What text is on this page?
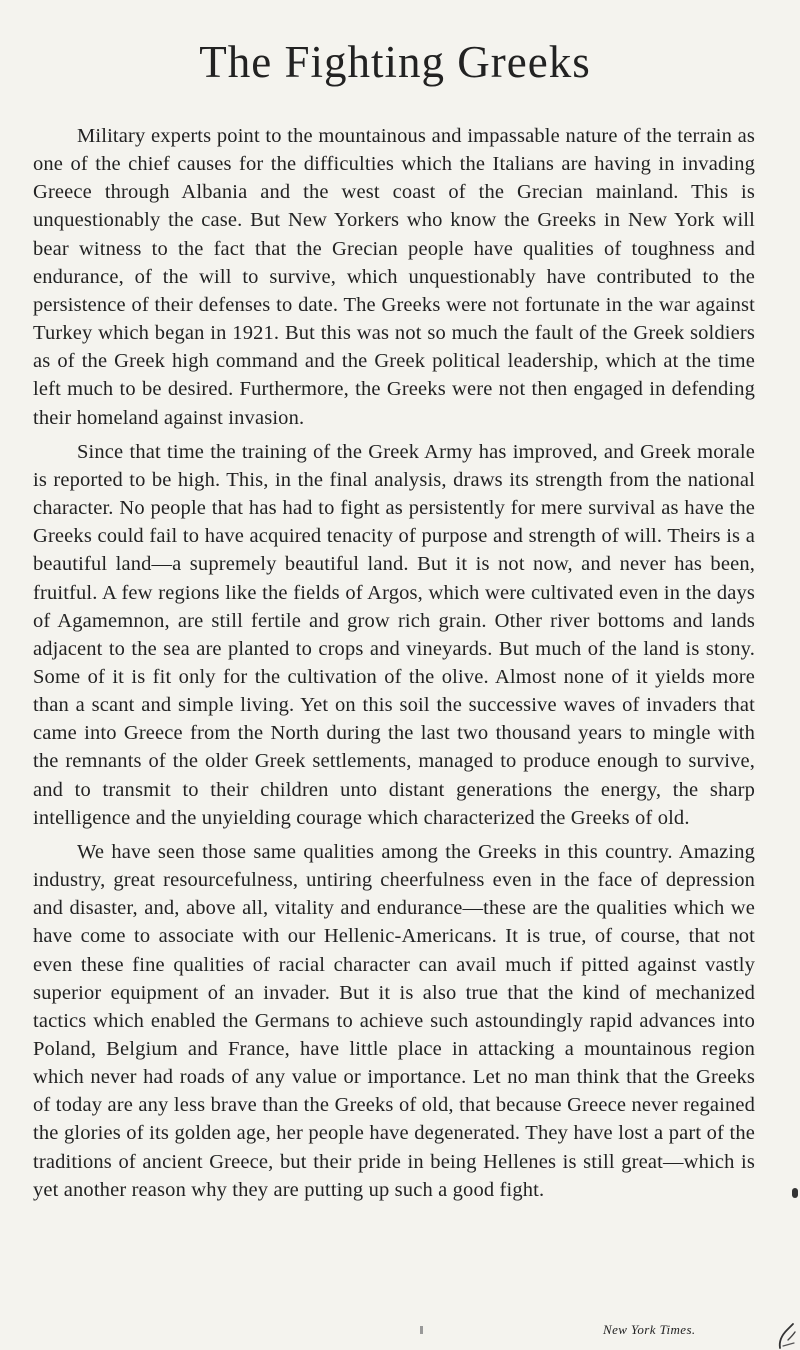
The Fighting Greeks

Military experts point to the mountainous and impassable nature of the terrain as one of the chief causes for the difficulties which the Italians are having in invading Greece through Albania and the west coast of the Grecian mainland. This is unquestionably the case. But New Yorkers who know the Greeks in New York will bear witness to the fact that the Grecian people have qualities of toughness and endurance, of the will to survive, which unquestionably have contributed to the persistence of their defenses to date. The Greeks were not fortunate in the war against Turkey which began in 1921. But this was not so much the fault of the Greek soldiers as of the Greek high command and the Greek political leadership, which at the time left much to be desired. Furthermore, the Greeks were not then engaged in defending their homeland against invasion.

Since that time the training of the Greek Army has improved, and Greek morale is reported to be high. This, in the final analysis, draws its strength from the national character. No people that has had to fight as persistently for mere survival as have the Greeks could fail to have acquired tenacity of purpose and strength of will. Theirs is a beautiful land—a supremely beautiful land. But it is not now, and never has been, fruitful. A few regions like the fields of Argos, which were cultivated even in the days of Agamemnon, are still fertile and grow rich grain. Other river bottoms and lands adjacent to the sea are planted to crops and vineyards. But much of the land is stony. Some of it is fit only for the cultivation of the olive. Almost none of it yields more than a scant and simple living. Yet on this soil the successive waves of invaders that came into Greece from the North during the last two thousand years to mingle with the remnants of the older Greek settlements, managed to produce enough to survive, and to transmit to their children unto distant generations the energy, the sharp intelligence and the unyielding courage which characterized the Greeks of old.

We have seen those same qualities among the Greeks in this country. Amazing industry, great resourcefulness, untiring cheerfulness even in the face of depression and disaster, and, above all, vitality and endurance—these are the qualities which we have come to associate with our Hellenic-Americans. It is true, of course, that not even these fine qualities of racial character can avail much if pitted against vastly superior equipment of an invader. But it is also true that the kind of mechanized tactics which enabled the Germans to achieve such astoundingly rapid advances into Poland, Belgium and France, have little place in attacking a mountainous region which never had roads of any value or importance. Let no man think that the Greeks of today are any less brave than the Greeks of old, that because Greece never regained the glories of its golden age, her people have degenerated. They have lost a part of the traditions of ancient Greece, but their pride in being Hellenes is still great—which is yet another reason why they are putting up such a good fight.

New York Times.
